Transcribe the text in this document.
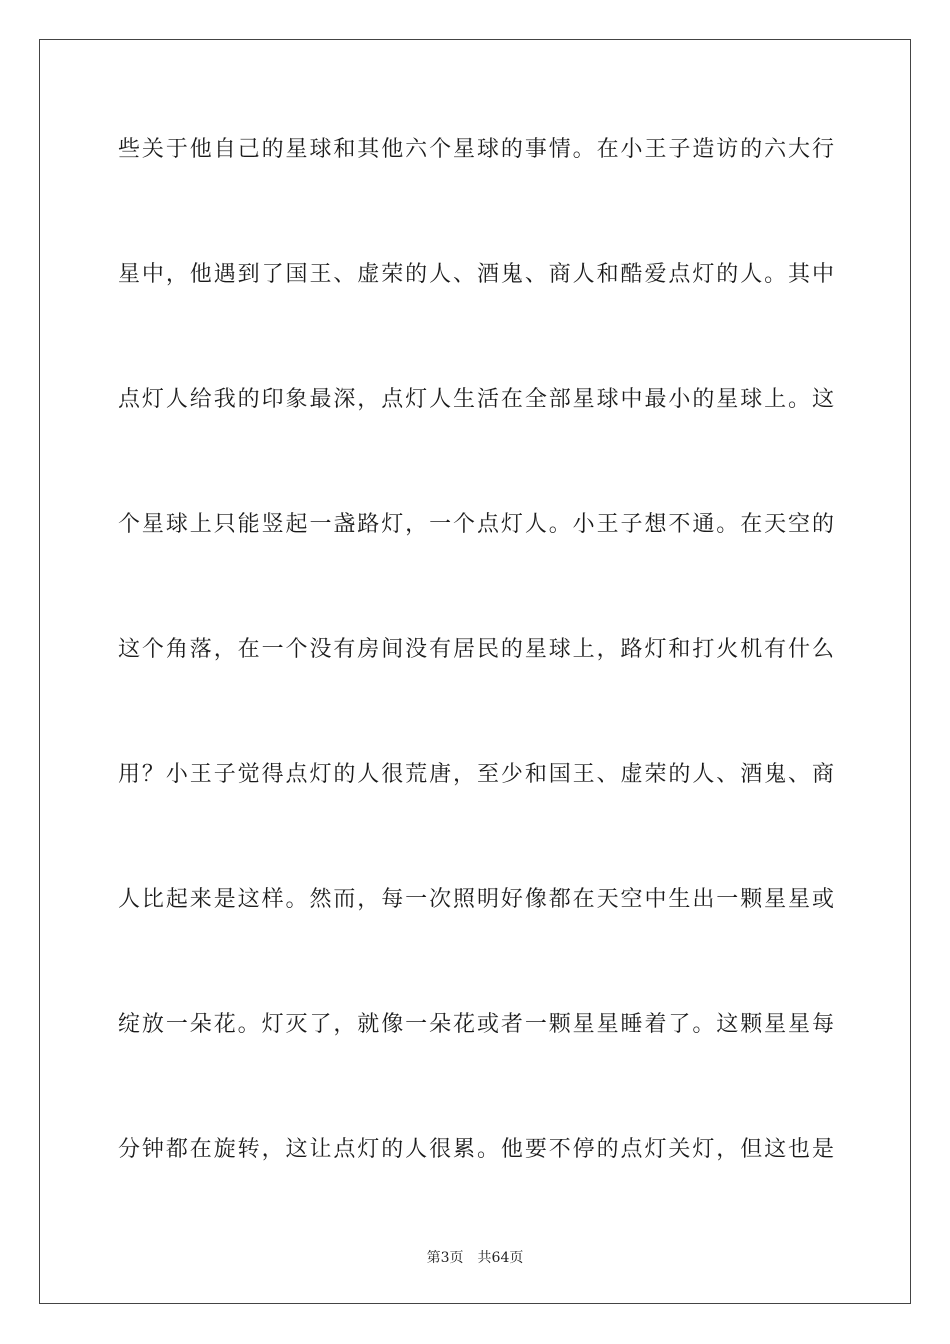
些关于他自己的星球和其他六个星球的事情。在小王子造访的六大行
星中，他遇到了国王、虚荣的人、酒鬼、商人和酷爱点灯的人。其中
点灯人给我的印象最深，点灯人生活在全部星球中最小的星球上。这
个星球上只能竖起一盏路灯，一个点灯人。小王子想不通。在天空的
这个角落，在一个没有房间没有居民的星球上，路灯和打火机有什么
用？小王子觉得点灯的人很荒唐，至少和国王、虚荣的人、酒鬼、商
人比起来是这样。然而，每一次照明好像都在天空中生出一颗星星或
绽放一朵花。灯灭了，就像一朵花或者一颗星星睡着了。这颗星星每
分钟都在旋转，这让点灯的人很累。他要不停的点灯关灯，但这也是
第3页 共64页
